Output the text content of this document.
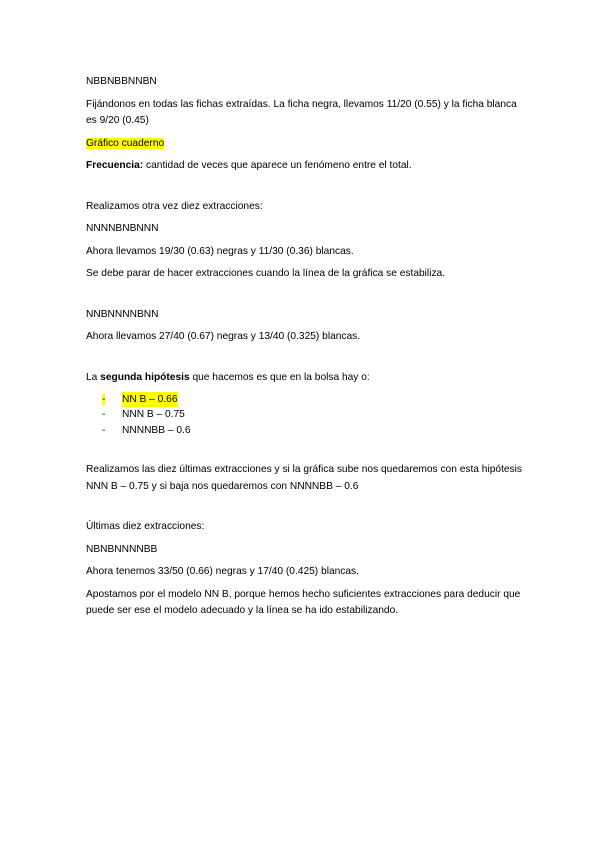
NBBNBBNNBN

Fijándonos en todas las fichas extraídas. La ficha negra, llevamos 11/20 (0.55) y la ficha blanca es 9/20 (0.45)

Gráfico cuaderno

Frecuencia: cantidad de veces que aparece un fenómeno entre el total.

Realizamos otra vez diez extracciones:

NNNNBNBNNN

Ahora llevamos 19/30 (0.63) negras y 11/30 (0.36) blancas.

Se debe parar de hacer extracciones cuando la línea de la gráfica se estabiliza.

NNBNNNNBNN

Ahora llevamos 27/40 (0.67) negras y 13/40 (0.325) blancas.

La segunda hipótesis que hacemos es que en la bolsa hay o:

-	NN B – 0.66
-	NNN B – 0.75
-	NNNNBB – 0.6

Realizamos las diez últimas extracciones y si la gráfica sube nos quedaremos con esta hipótesis NNN B – 0.75 y si baja nos quedaremos con NNNNBB – 0.6

Últimas diez extracciones:

NBNBNNNNBB

Ahora tenemos 33/50 (0.66) negras y 17/40 (0.425) blancas.

Apostamos por el modelo NN B, porque hemos hecho suficientes extracciones para deducir que puede ser ese el modelo adecuado y la línea se ha ido estabilizando.
